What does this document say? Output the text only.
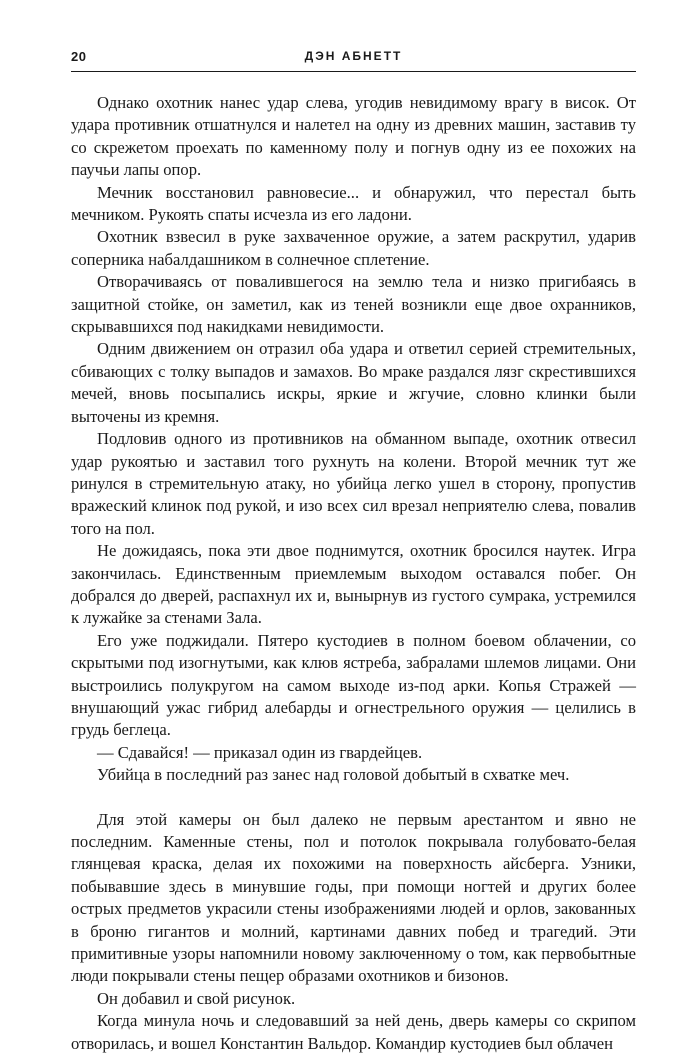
20	ДЭН АБНЕТТ

Однако охотник нанес удар слева, угодив невидимому врагу в висок. От удара противник отшатнулся и налетел на одну из древних машин, заставив ту со скрежетом проехать по каменному полу и погнув одну из ее похожих на паучьи лапы опор.

Мечник восстановил равновесие... и обнаружил, что перестал быть мечником. Рукоять спаты исчезла из его ладони.

Охотник взвесил в руке захваченное оружие, а затем раскрутил, ударив соперника набалдашником в солнечное сплетение.

Отворачиваясь от повалившегося на землю тела и низко пригибаясь в защитной стойке, он заметил, как из теней возникли еще двое охранников, скрывавшихся под накидками невидимости.

Одним движением он отразил оба удара и ответил серией стремительных, сбивающих с толку выпадов и замахов. Во мраке раздался лязг скрестившихся мечей, вновь посыпались искры, яркие и жгучие, словно клинки были выточены из кремня.

Подловив одного из противников на обманном выпаде, охотник отвесил удар рукоятью и заставил того рухнуть на колени. Второй мечник тут же ринулся в стремительную атаку, но убийца легко ушел в сторону, пропустив вражеский клинок под рукой, и изо всех сил врезал неприятелю слева, повалив того на пол.

Не дожидаясь, пока эти двое поднимутся, охотник бросился наутек. Игра закончилась. Единственным приемлемым выходом оставался побег. Он добрался до дверей, распахнул их и, вынырнув из густого сумрака, устремился к лужайке за стенами Зала.

Его уже поджидали. Пятеро кустодиев в полном боевом облачении, со скрытыми под изогнутыми, как клюв ястреба, забралами шлемов лицами. Они выстроились полукругом на самом выходе из-под арки. Копья Стражей — внушающий ужас гибрид алебарды и огнестрельного оружия — целились в грудь беглеца.

— Сдавайся! — приказал один из гвардейцев.

Убийца в последний раз занес над головой добытый в схватке меч.

Для этой камеры он был далеко не первым арестантом и явно не последним. Каменные стены, пол и потолок покрывала голубовато-белая глянцевая краска, делая их похожими на поверхность айсберга. Узники, побывавшие здесь в минувшие годы, при помощи ногтей и других более острых предметов украсили стены изображениями людей и орлов, закованных в броню гигантов и молний, картинами давних побед и трагедий. Эти примитивные узоры напомнили новому заключенному о том, как первобытные люди покрывали стены пещер образами охотников и бизонов.

Он добавил и свой рисунок.

Когда минула ночь и следовавший за ней день, дверь камеры со скрипом отворилась, и вошел Константин Вальдор. Командир кустодиев был облачен
